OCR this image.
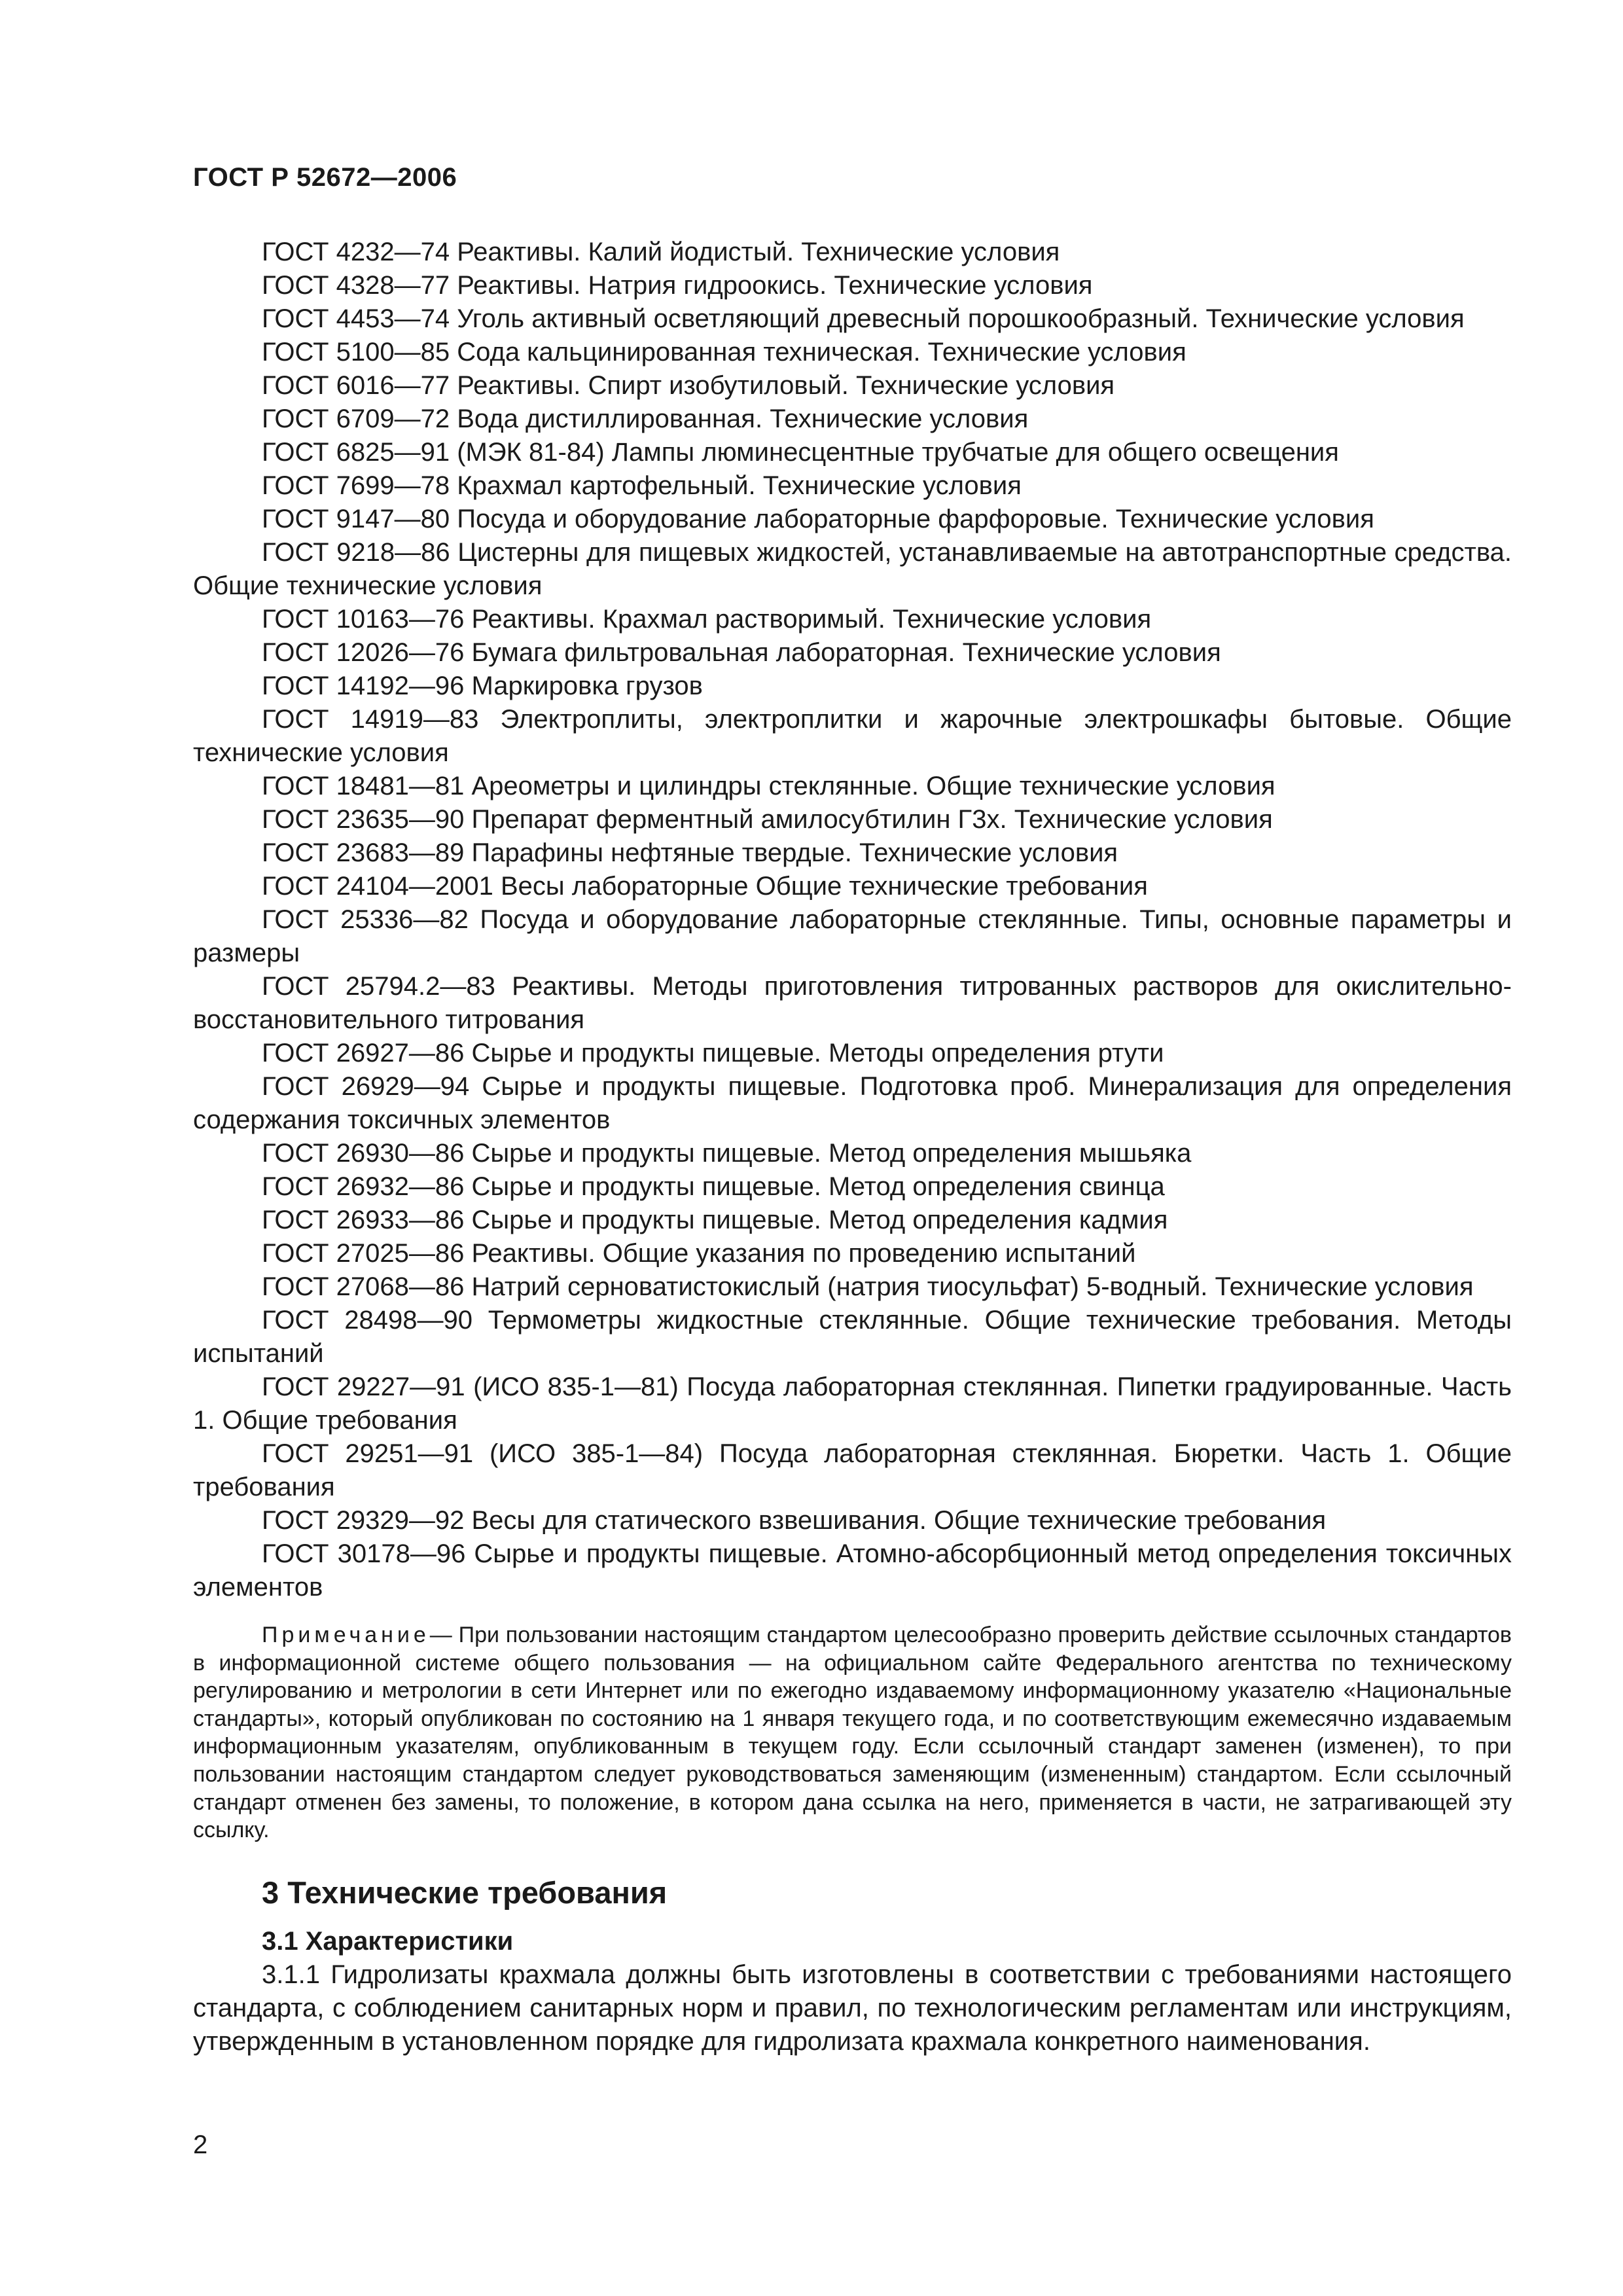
ГОСТ Р 52672—2006
ГОСТ 4232—74 Реактивы. Калий йодистый. Технические условия
ГОСТ 4328—77 Реактивы. Натрия гидроокись. Технические условия
ГОСТ 4453—74 Уголь активный осветляющий древесный порошкообразный. Технические условия
ГОСТ 5100—85 Сода кальцинированная техническая. Технические условия
ГОСТ 6016—77 Реактивы. Спирт изобутиловый. Технические условия
ГОСТ 6709—72 Вода дистиллированная. Технические условия
ГОСТ 6825—91 (МЭК 81-84) Лампы люминесцентные трубчатые для общего освещения
ГОСТ 7699—78 Крахмал картофельный. Технические условия
ГОСТ 9147—80 Посуда и оборудование лабораторные фарфоровые. Технические условия
ГОСТ 9218—86 Цистерны для пищевых жидкостей, устанавливаемые на автотранспортные средства. Общие технические условия
ГОСТ 10163—76 Реактивы. Крахмал растворимый. Технические условия
ГОСТ 12026—76 Бумага фильтровальная лабораторная. Технические условия
ГОСТ 14192—96 Маркировка грузов
ГОСТ 14919—83 Электроплиты, электроплитки и жарочные электрошкафы бытовые. Общие технические условия
ГОСТ 18481—81 Ареометры и цилиндры стеклянные. Общие технические условия
ГОСТ 23635—90 Препарат ферментный амилосубтилин Г3х. Технические условия
ГОСТ 23683—89 Парафины нефтяные твердые. Технические условия
ГОСТ 24104—2001 Весы лабораторные Общие технические требования
ГОСТ 25336—82 Посуда и оборудование лабораторные стеклянные. Типы, основные параметры и размеры
ГОСТ 25794.2—83 Реактивы. Методы приготовления титрованных растворов для окислительно-восстановительного титрования
ГОСТ 26927—86 Сырье и продукты пищевые. Методы определения ртути
ГОСТ 26929—94 Сырье и продукты пищевые. Подготовка проб. Минерализация для определения содержания токсичных элементов
ГОСТ 26930—86 Сырье и продукты пищевые. Метод определения мышьяка
ГОСТ 26932—86 Сырье и продукты пищевые. Метод определения свинца
ГОСТ 26933—86 Сырье и продукты пищевые. Метод определения кадмия
ГОСТ 27025—86 Реактивы. Общие указания по проведению испытаний
ГОСТ 27068—86 Натрий серноватистокислый (натрия тиосульфат) 5-водный. Технические условия
ГОСТ 28498—90 Термометры жидкостные стеклянные. Общие технические требования. Методы испытаний
ГОСТ 29227—91 (ИСО 835-1—81) Посуда лабораторная стеклянная. Пипетки градуированные. Часть 1. Общие требования
ГОСТ 29251—91 (ИСО 385-1—84) Посуда лабораторная стеклянная. Бюретки. Часть 1. Общие требования
ГОСТ 29329—92 Весы для статического взвешивания. Общие технические требования
ГОСТ 30178—96 Сырье и продукты пищевые. Атомно-абсорбционный метод определения токсичных элементов
Примечание— При пользовании настоящим стандартом целесообразно проверить действие ссылочных стандартов в информационной системе общего пользования — на официальном сайте Федерального агентства по техническому регулированию и метрологии в сети Интернет или по ежегодно издаваемому информационному указателю «Национальные стандарты», который опубликован по состоянию на 1 января текущего года, и по соответствующим ежемесячно издаваемым информационным указателям, опубликованным в текущем году. Если ссылочный стандарт заменен (изменен), то при пользовании настоящим стандартом следует руководствоваться заменяющим (измененным) стандартом. Если ссылочный стандарт отменен без замены, то положение, в котором дана ссылка на него, применяется в части, не затрагивающей эту ссылку.
3 Технические требования
3.1 Характеристики
3.1.1 Гидролизаты крахмала должны быть изготовлены в соответствии с требованиями настоящего стандарта, с соблюдением санитарных норм и правил, по технологическим регламентам или инструкциям, утвержденным в установленном порядке для гидролизата крахмала конкретного наименования.
2
